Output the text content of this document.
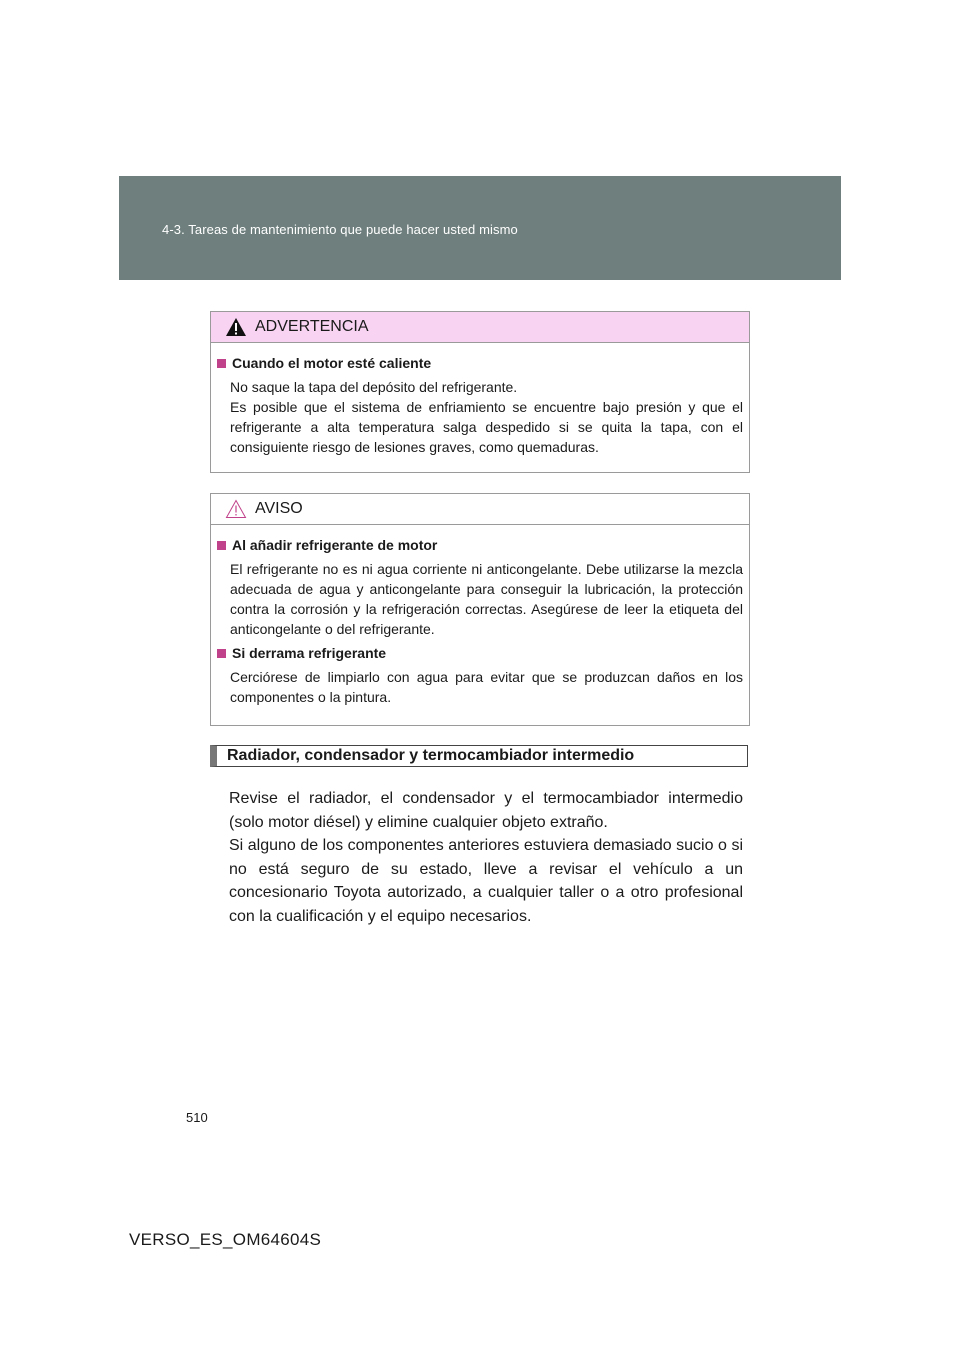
4-3. Tareas de mantenimiento que puede hacer usted mismo
ADVERTENCIA
Cuando el motor esté caliente

No saque la tapa del depósito del refrigerante.

Es posible que el sistema de enfriamiento se encuentre bajo presión y que el refrigerante a alta temperatura salga despedido si se quita la tapa, con el consiguiente riesgo de lesiones graves, como quemaduras.

AVISO
Al añadir refrigerante de motor

El refrigerante no es ni agua corriente ni anticongelante. Debe utilizarse la mezcla adecuada de agua y anticongelante para conseguir la lubricación, la protección contra la corrosión y la refrigeración correctas. Asegúrese de leer la etiqueta del anticongelante o del refrigerante.

Si derrama refrigerante

Cerciórese de limpiarlo con agua para evitar que se produzcan daños en los componentes o la pintura.

Radiador, condensador y termocambiador intermedio

Revise el radiador, el condensador y el termocambiador intermedio (solo motor diésel) y elimine cualquier objeto extraño.

Si alguno de los componentes anteriores estuviera demasiado sucio o si no está seguro de su estado, lleve a revisar el vehículo a un concesionario Toyota autorizado, a cualquier taller o a otro profesional con la cualificación y el equipo necesarios.

510
VERSO_ES_OM64604S
